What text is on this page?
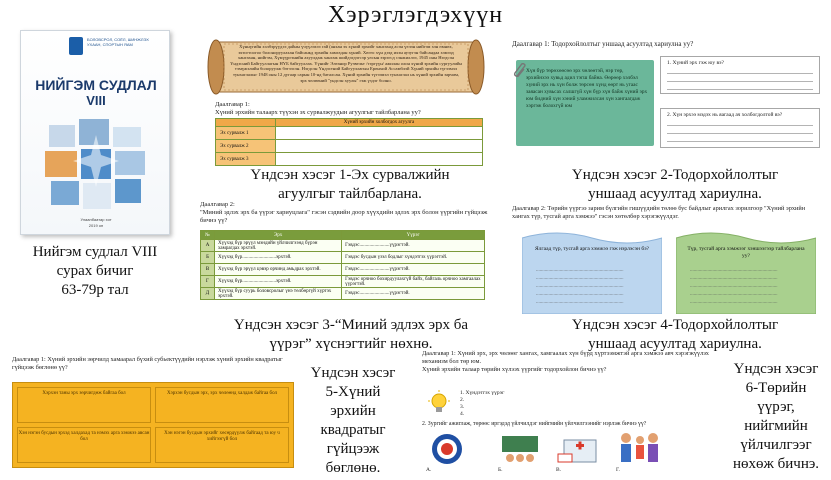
Хэрэглэгдэхүүн
БОЛОВСРОЛ, СОЁЛ, ШИНЖЛЭХ УХААН, СПОРТЫН ЯАМ
НИЙГЭМ СУДЛАЛ
VIII
Улаанбаатар хот
2019 он
Нийгэм судлал VIII
сурах бичиг
63-79р тал
Хүннүгийн хэлбэрүүдээ дайны үчүүлэхээ гай (анхан эх хүний эрхийг хангахад асэн үелэн нийгэм хэн өмнөх, эхтогтоогоо болоноруулахан байсанкд эрхийн хамгадан хүний. Хөгөс хүн дээд ихэн аузугэн байсандаа хэмээд хангахан, нийгэм, Хүмүүргэнийн ахуулдаж хангаж шийдэгдэгсэр улсын зэрэгсд сэнжиллээ, 1945 оны Нэгдсэн Үндэсний Байгууллагын НҮБ байгууллах. Үүнийг Элеанор Рузвельт /тэргүүн/ ажилан олон хүний эрхийн сургуулийн тэмүжэлийн болоруулж бэтээсэн. Нэгдсэн Үндэстний Байгууллагын Ерөнхий Ассамблэй Хүний эрхийн түгээмэл тунхаглалыг 1948 оны 12 дугаар сарын 10-нд баталсан. Хүний эрхийн түгээмэл тунхаглал нь хүний эрхийн зарчим, эрх чөлөөний "ундсэн хуулы" гэж үздэг болно.
Даалгавар 1:
Хүний эрхийн талаарх түүхэн эх сурвалжуудын агуулгыг тайлбарлана уу?
	Хүний эрхийн холбогдох агуулга
Эх сурвалж 1	
Эх сурвалж 2	
Эх сурвалж 3	
Үндсэн хэсэг 1-Эх сурвалжийн
агуулгыг тайлбарлана.
Даалгавар 2:
"Миний эдлэх эрх ба үүрэг хариуцлага" гэсэн сэдвийн доор хүүхдийн эдлэх эрх болон үүргийн гүйцээж бичнэ үү?
№	Эрх	Үүрэг
А	Хүүхэд бүр эрүүл мэндийн үйлчилгээнд бүрэн хамрагдах эрхтэй.	Гэвдэс........................үүрэгтэй.
Б	Хүүхэд бүр...........................эрхтэй.	Гэвдэс бусдын үзэл бодлыг хүндэтгэх үүрэгтэй.
В	Хүүхэд бүр эрүүл цэвэр орчинд амьдрах эрхтэй.	Гэвдэс........................үүрэгтэй.
Г	Хүүхэд бүр...........................эрхтэй.	Гэвдэс орчноо бохирдуулахгүй байх, байгаль орчноо хамгаалах үүрэгтэй.
Д	Хүүхэд бүр суурь боловсролыг үнэ төлбөргүй хүртэх эрхтэй.	Гэвдэс........................үүрэгтэй.
Үндсэн хэсэг 3-“Миний эдлэх эрх ба
үүрэг” хүснэгтийг нөхнө.
Даалгавар 1: Тодорхойлолтыг уншаад асуултад хариулна уу?

Хүн бүр төрөхөөсөө эрх чөлөөтэй, нэр төр, эрхийнхээ хувьд адил тэгш байна. Өөрөөр хэлбэл хүний эрх нь хүн болж төрсөн хүнд өөрт нь угаас заяасан хувьсах салшгүй хүн бүр хүн байж хүний эрх юм бидний хүн хэний уламжилсан хүн хангаагдаж хэргэж болохгүй юм

1. Хүний эрх гэж юу вэ?
2. Хүн эрхээ мэдэх нь яагаад ач холбогдолтой вэ?
Үндсэн хэсэг 2-Тодорхойлолтыг
уншаад асуултад хариулна.
Даалгавар 2: Төрийн үүргээ зарим бүлгийн гишүүдийн төлөө бус байдлыг арилгах зорилгоор "Хүний эрхийн хангах түр, тусгай арга хэмжээ" гэсэн хөтөлбөр хэрэгжүүлдэг.
Ялгаад түр, тусгай арга хэмжээ гэж нэрлэсэн бэ?
......................................................................
......................................................................
......................................................................
......................................................................
......................................................................
Түр, тусгай арга хэмжээг хэншээгээр тайлбарлана уу?
......................................................................
......................................................................
......................................................................
......................................................................
......................................................................
Үндсэн хэсэг 4-Тодорхойлолтыг
уншаад асуултад хариулна.
Даалгавар 1: Хүний эрхийн зөрчилд хамаарал бүхий субьектүүдийн нэрлэж хүний эрхийн квадратыг гүйцээж бөглөнө үү?
Хэрхэн таны эрх зөрчигдөж байгаа бол	Хэрхэн бусдын эрх, эрх чөлөөнд халдаж байгаа бол
Хэн нэгэн бусдын эрхэд халдахад та нэмэх арга хэмжээ авсан бол
Хэн нэгэн бусдын эрхийг хөсөрдүүлж байгаад та юу ч хийгээгүй бол
Үндсэн хэсэг
5-Хүний
эрхийн
квадратыг
гүйцээж
бөглөнө.
Даалгавар 1: Хүний эрх, эрх чөлөөг хангах, хамгаалах хүн бүрд хүртээмжтэй арга хэмжээ авч хэрэгжүүлэх механизм бол төр юм.
Хүний эрхийн талаар төрийн хүлээх үүргийг тодорхойлон бичнэ үү?
1. Хүндэтгэх үүрэг
2.
3.
4.
2. Зургийг ажиглаж, төрөөс иргэдэд үйлчилдэг нийгмийн үйлчилгээнийг нэрлэж бичнэ үү?
А.	Б.	В.	Г.
Үндсэн хэсэг
6-Төрийн
үүрэг,
нийгмийн
үйлчилгээг
нөхөж бичнэ.
